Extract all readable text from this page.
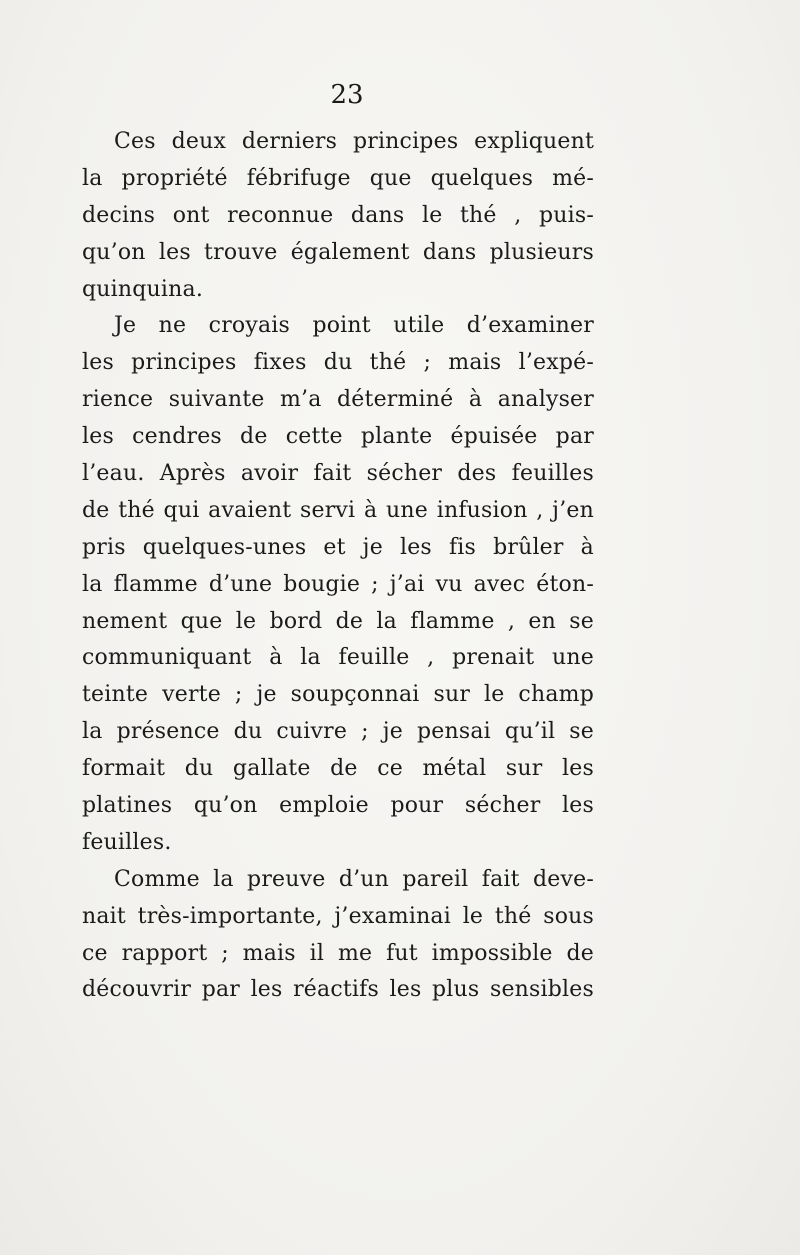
23
Ces deux derniers principes expliquent
la propriété fébrifuge que quelques mé-
decins ont reconnue dans le thé , puis-
qu’on les trouve également dans plusieurs
quinquina.
Je ne croyais point utile d’examiner
les principes fixes du thé ; mais l’expé-
rience suivante m’a déterminé à analyser
les cendres de cette plante épuisée par
l’eau. Après avoir fait sécher des feuilles
de thé qui avaient servi à une infusion , j’en
pris quelques-unes et je les fis brûler à
la flamme d’une bougie ; j’ai vu avec éton-
nement que le bord de la flamme , en se
communiquant à la feuille , prenait une
teinte verte ; je soupçonnai sur le champ
la présence du cuivre ; je pensai qu’il se
formait du gallate de ce métal sur les
platines qu’on emploie pour sécher les
feuilles.
Comme la preuve d’un pareil fait deve-
nait très-importante, j’examinai le thé sous
ce rapport ; mais il me fut impossible de
découvrir par les réactifs les plus sensibles
